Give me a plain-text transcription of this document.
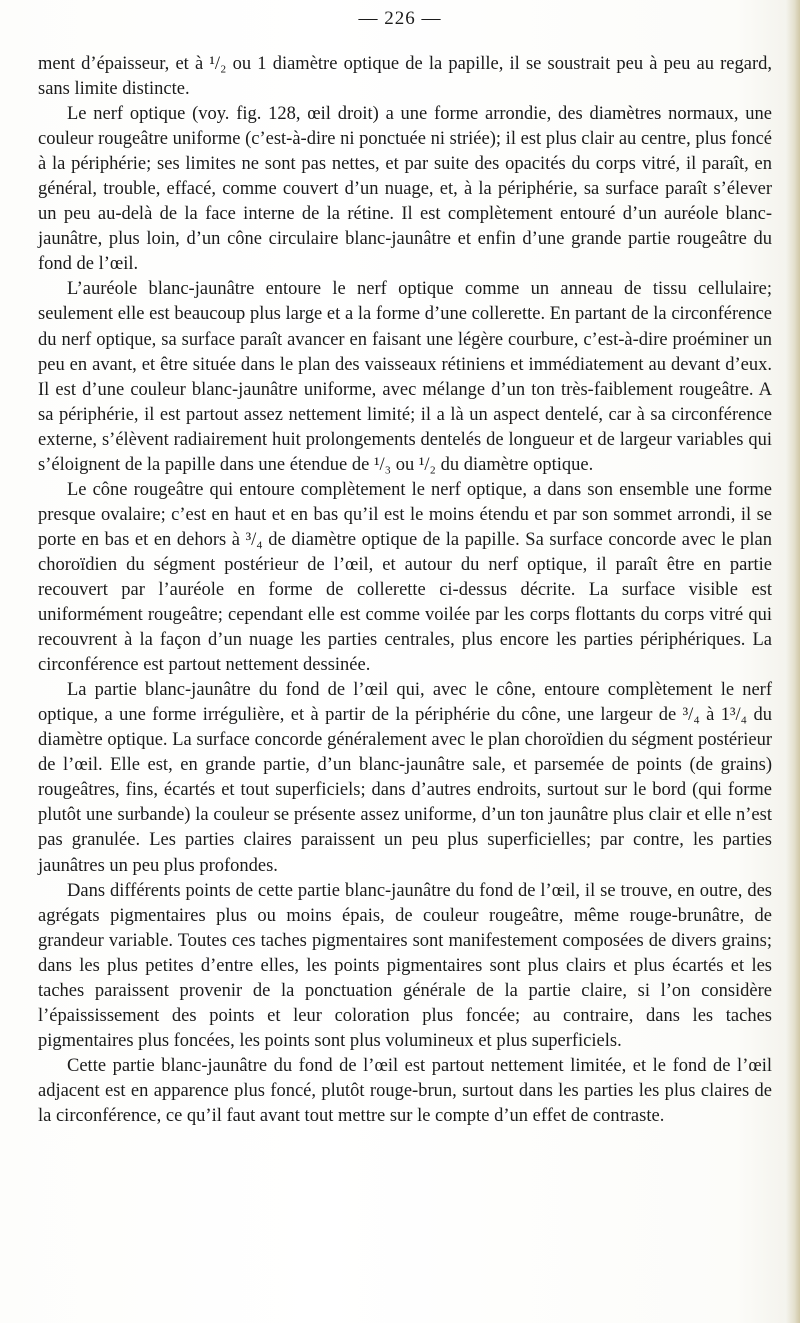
— 226 —

ment d’épaisseur, et à ¹/₂ ou 1 diamètre optique de la papille, il se soustrait peu à peu au regard, sans limite distincte.

Le nerf optique (voy. fig. 128, œil droit) a une forme arrondie, des diamètres normaux, une couleur rougeâtre uniforme (c’est-à-dire ni ponctuée ni striée); il est plus clair au centre, plus foncé à la périphérie; ses limites ne sont pas nettes, et par suite des opacités du corps vitré, il paraît, en général, trouble, effacé, comme couvert d’un nuage, et, à la périphérie, sa surface paraît s’élever un peu au-delà de la face interne de la rétine. Il est complètement entouré d’un auréole blanc-jaunâtre, plus loin, d’un cône circulaire blanc-jaunâtre et enfin d’une grande partie rougeâtre du fond de l’œil.

L’auréole blanc-jaunâtre entoure le nerf optique comme un anneau de tissu cellulaire; seulement elle est beaucoup plus large et a la forme d’une collerette. En partant de la circonférence du nerf optique, sa surface paraît avancer en faisant une légère courbure, c’est-à-dire proéminer un peu en avant, et être située dans le plan des vaisseaux rétiniens et immédiatement au devant d’eux. Il est d’une couleur blanc-jaunâtre uniforme, avec mélange d’un ton très-faiblement rougeâtre. A sa périphérie, il est partout assez nettement limité; il a là un aspect dentelé, car à sa circonférence externe, s’élèvent radiairement huit prolongements dentelés de longueur et de largeur variables qui s’éloignent de la papille dans une étendue de ¹/₃ ou ¹/₂ du diamètre optique.

Le cône rougeâtre qui entoure complètement le nerf optique, a dans son ensemble une forme presque ovalaire; c’est en haut et en bas qu’il est le moins étendu et par son sommet arrondi, il se porte en bas et en dehors à ³/₄ de diamètre optique de la papille. Sa surface concorde avec le plan choroïdien du ségment postérieur de l’œil, et autour du nerf optique, il paraît être en partie recouvert par l’auréole en forme de collerette ci-dessus décrite. La surface visible est uniformément rougeâtre; cependant elle est comme voilée par les corps flottants du corps vitré qui recouvrent à la façon d’un nuage les parties centrales, plus encore les parties périphériques. La circonférence est partout nettement dessinée.

La partie blanc-jaunâtre du fond de l’œil qui, avec le cône, entoure complètement le nerf optique, a une forme irrégulière, et à partir de la périphérie du cône, une largeur de ³/₄ à 1³/₄ du diamètre optique. La surface concorde généralement avec le plan choroïdien du ségment postérieur de l’œil. Elle est, en grande partie, d’un blanc-jaunâtre sale, et parsemée de points (de grains) rougeâtres, fins, écartés et tout superficiels; dans d’autres endroits, surtout sur le bord (qui forme plutôt une surbande) la couleur se présente assez uniforme, d’un ton jaunâtre plus clair et elle n’est pas granulée. Les parties claires paraissent un peu plus superficielles; par contre, les parties jaunâtres un peu plus profondes.

Dans différents points de cette partie blanc-jaunâtre du fond de l’œil, il se trouve, en outre, des agrégats pigmentaires plus ou moins épais, de couleur rougeâtre, même rouge-brunâtre, de grandeur variable. Toutes ces taches pigmentaires sont manifestement composées de divers grains; dans les plus petites d’entre elles, les points pigmentaires sont plus clairs et plus écartés et les taches paraissent provenir de la ponctuation générale de la partie claire, si l’on considère l’épaississement des points et leur coloration plus foncée; au contraire, dans les taches pigmentaires plus foncées, les points sont plus volumineux et plus superficiels.

Cette partie blanc-jaunâtre du fond de l’œil est partout nettement limitée, et le fond de l’œil adjacent est en apparence plus foncé, plutôt rouge-brun, surtout dans les parties les plus claires de la circonférence, ce qu’il faut avant tout mettre sur le compte d’un effet de contraste.
